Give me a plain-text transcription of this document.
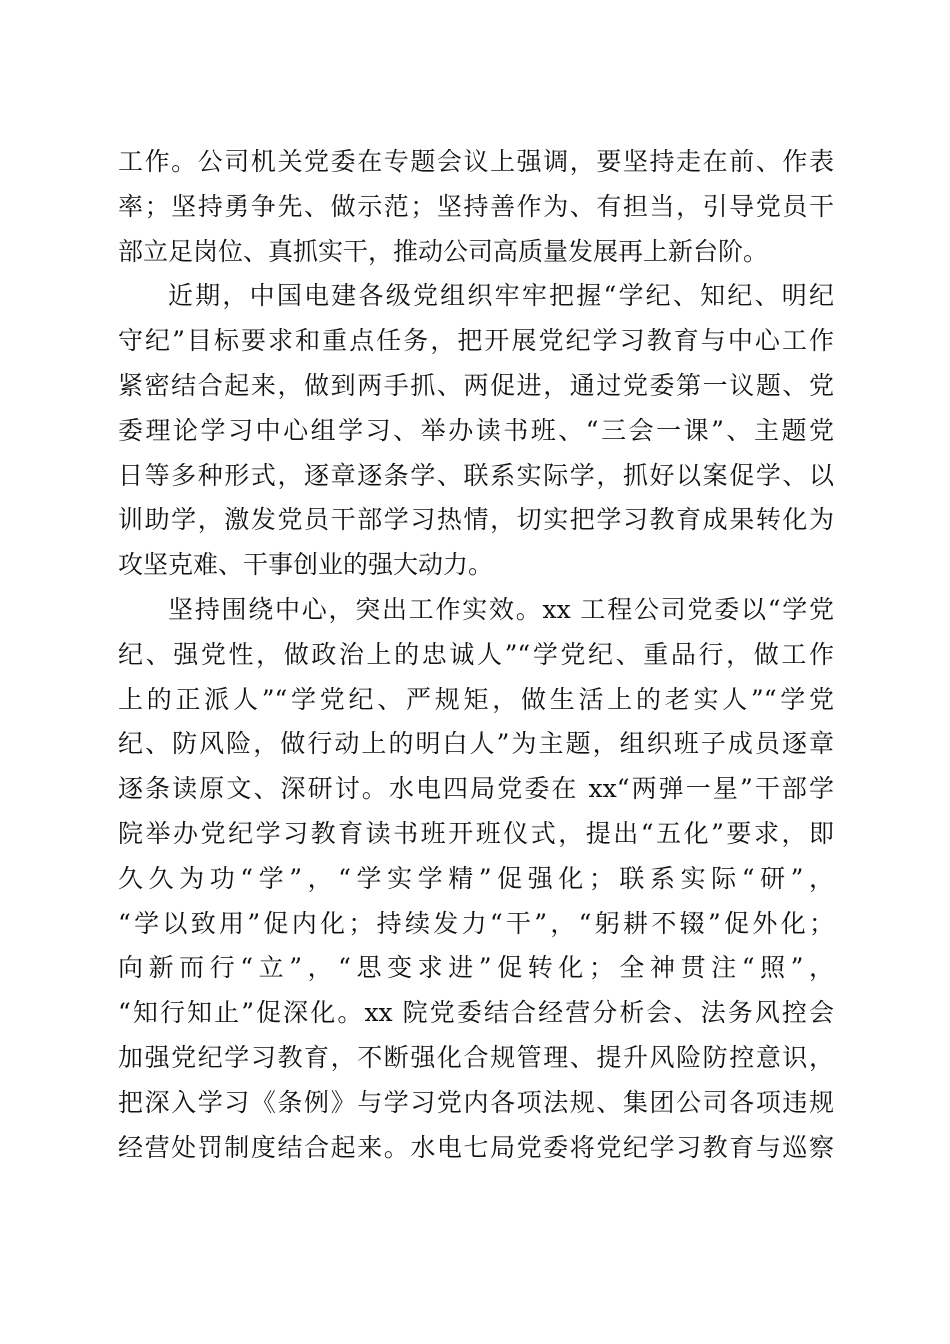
工作。公司机关党委在专题会议上强调，要坚持走在前、作表
率；坚持勇争先、做示范；坚持善作为、有担当，引导党员干
部立足岗位、真抓实干，推动公司高质量发展再上新台阶。
近期，中国电建各级党组织牢牢把握“学纪、知纪、明纪
守纪”目标要求和重点任务，把开展党纪学习教育与中心工作
紧密结合起来，做到两手抓、两促进，通过党委第一议题、党
委理论学习中心组学习、举办读书班、“三会一课”、主题党
日等多种形式，逐章逐条学、联系实际学，抓好以案促学、以
训助学，激发党员干部学习热情，切实把学习教育成果转化为
攻坚克难、干事创业的强大动力。
坚持围绕中心，突出工作实效。xx 工程公司党委以“学党
纪、强党性，做政治上的忠诚人”“学党纪、重品行，做工作
上的正派人”“学党纪、严规矩，做生活上的老实人”“学党
纪、防风险，做行动上的明白人”为主题，组织班子成员逐章
逐条读原文、深研讨。水电四局党委在 xx“两弹一星”干部学
院举办党纪学习教育读书班开班仪式，提出“五化”要求，即
久久为功“学”，“学实学精”促强化；联系实际“研”，
“学以致用”促内化；持续发力“干”，“躬耕不辍”促外化；
向新而行“立”，“思变求进”促转化；全神贯注“照”，
“知行知止”促深化。xx 院党委结合经营分析会、法务风控会
加强党纪学习教育，不断强化合规管理、提升风险防控意识，
把深入学习《条例》与学习党内各项法规、集团公司各项违规
经营处罚制度结合起来。水电七局党委将党纪学习教育与巡察
